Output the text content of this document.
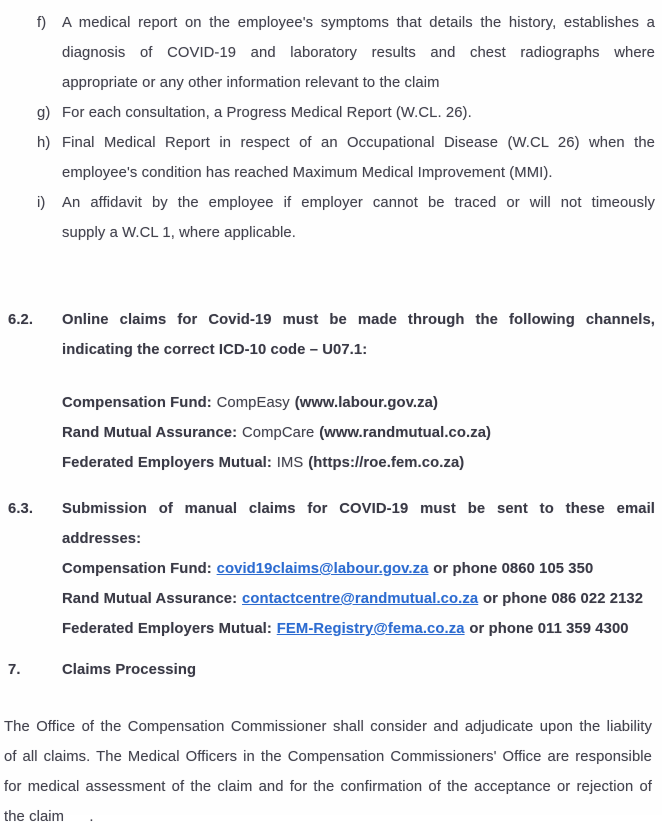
f)	A medical report on the employee's symptoms that details the history, establishes a
diagnosis of COVID-19 and laboratory results and chest radiographs where
appropriate or any other information relevant to the claim
g) For each consultation, a Progress Medical Report (W.CL. 26).
h) Final Medical Report in respect of an Occupational Disease (W.CL 26) when the
employee's condition has reached Maximum Medical Improvement (MMI).
i)	An affidavit by the employee if employer cannot be traced or will not timeously
supply a W.CL 1, where applicable.
6.2.	Online claims for Covid-19 must be made through the following channels,
indicating the correct ICD-10 code – U07.1:
Compensation Fund: CompEasy (www.labour.gov.za)
Rand Mutual Assurance: CompCare (www.randmutual.co.za)
Federated Employers Mutual: IMS (https://roe.fem.co.za)
6.3.	Submission of manual claims for COVID-19 must be sent to these email
addresses:
Compensation Fund: covid19claims@labour.gov.za or phone 0860 105 350
Rand Mutual Assurance: contactcentre@randmutual.co.za or phone 086 022 2132
Federated Employers Mutual: FEM-Registry@fema.co.za or phone 011 359 4300
7.	Claims Processing
The Office of the Compensation Commissioner shall consider and adjudicate upon the liability
of all claims. The Medical Officers in the Compensation Commissioners' Office are responsible
for medical assessment of the claim and for the confirmation of the acceptance or rejection of
the claim      .
